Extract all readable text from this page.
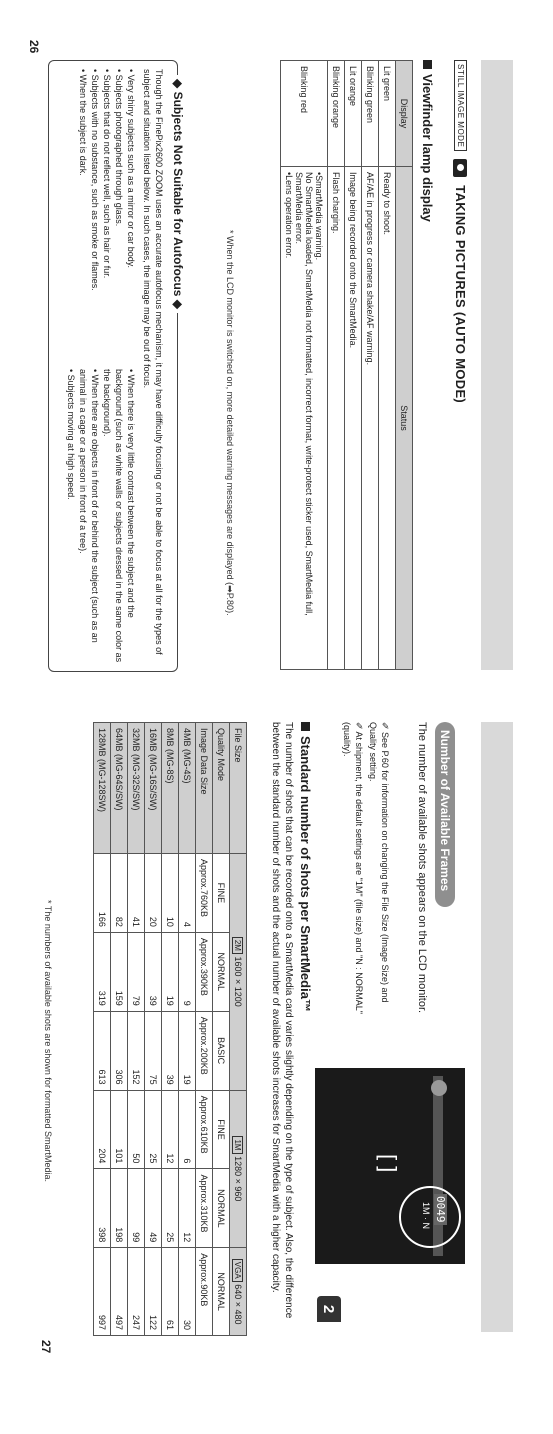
STILL IMAGE MODE
TAKING PICTURES (AUTO MODE)
Viewfinder lamp display
Display	Status
Lit green	Ready to shoot.
Blinking green	AF/AE in progress or camera shake/AF warning.
Lit orange	Image being recorded onto the SmartMedia.
Blinking orange	Flash charging.
Blinking red	•SmartMedia warning.
No SmartMedia loaded, SmartMedia not formatted, incorrect format, write-protect sticker used, SmartMedia full, SmartMedia error.
•Lens operation error.
* When the LCD monitor is switched on, more detailed warning messages are displayed (➡P.80).
◆ Subjects Not Suitable for Autofocus ◆
Though the FinePix2600 ZOOM uses an accurate autofocus mechanism, it may have difficulty focusing or not be able to focus at all for the types of subject and situation listed below. In such cases, the image may be out of focus.
• Very shiny subjects such as a mirror or car body.
• Subjects photographed through glass.
• Subjects that do not reflect well, such as hair or fur.
• Subjects with no substance, such as smoke or flames.
• When the subject is dark.
• When there is very little contrast between the subject and the background (such as white walls or subjects dressed in the same color as the background).
• When there are objects in front of or behind the subject (such as an animal in a cage or a person in front of a tree).
• Subjects moving at high speed.
26
Number of Available Frames
The number of available shots appears on the LCD monitor.
✐ See P.60 for information on changing the File Size (Image Size) and Quality setting.
✐ At shipment, the default settings are "1M" (file size) and "N : NORMAL" (quality).
0049
1M · N
[ ]
2
Standard number of shots per SmartMedia™
The number of shots that can be recorded onto a SmartMedia card varies slightly depending on the type of subject. Also, the difference between the standard number of shots and the actual number of available shots increases for SmartMedia with a higher capacity.
File Size	2M 1600 × 1200			1M 1280 × 960		VGA 640 × 480
Quality Mode	FINE	NORMAL	BASIC	FINE	NORMAL	NORMAL
Image Data Size	Approx.760KB	Approx.390KB	Approx.200KB	Approx.610KB	Approx.310KB	Approx.90KB
4MB (MG-4S)	4	9	19	6	12	30
8MB (MG-8S)	10	19	39	12	25	61
16MB (MG-16S/SW)	20	39	75	25	49	122
32MB (MG-32S/SW)	41	79	152	50	99	247
64MB (MG-64S/SW)	82	159	306	101	198	497
128MB (MG-128SW)	166	319	613	204	398	997
* The numbers of available shots are shown for formatted SmartMedia.
27
